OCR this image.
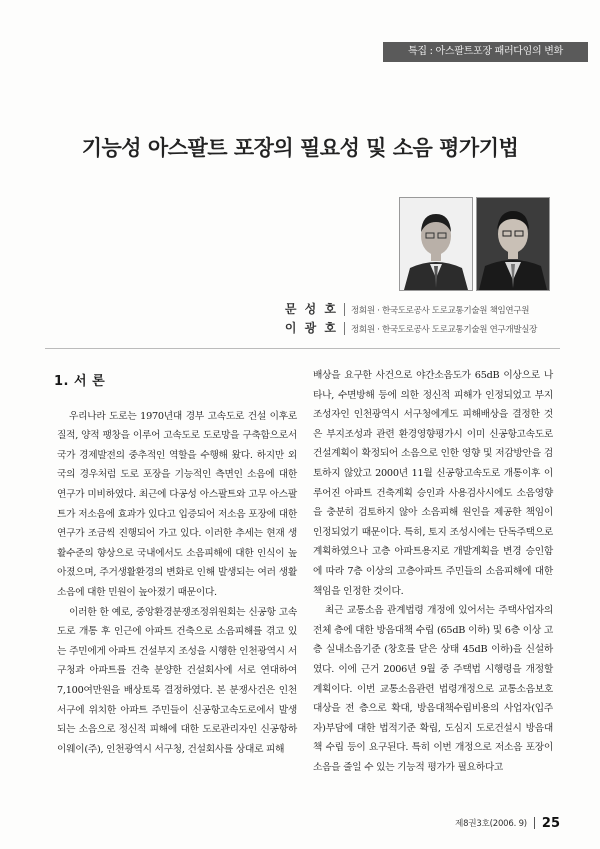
특집 : 아스팔트포장 패러다임의 변화
기능성 아스팔트 포장의 필요성 및 소음 평가기법
문 성 호	정회원 · 한국도로공사 도로교통기술원 책임연구원
이 광 호	정회원 · 한국도로공사 도로교통기술원 연구개발실장
1. 서 론

우리나라 도로는 1970년대 경부 고속도로 건설 이후로 질적, 양적 팽창을 이루어 고속도로 도로망을 구축함으로서 국가 경제발전의 중추적인 역할을 수행해 왔다. 하지만 외국의 경우처럼 도로 포장을 기능적인 측면인 소음에 대한 연구가 미비하였다. 최근에 다공성 아스팔트와 고무 아스팔트가 저소음에 효과가 있다고 입증되어 저소음 포장에 대한 연구가 조금씩 진행되어 가고 있다. 이러한 추세는 현재 생활수준의 향상으로 국내에서도 소음피해에 대한 인식이 높아졌으며, 주거생활환경의 변화로 인해 발생되는 여러 생활소음에 대한 민원이 높아졌기 때문이다.

이러한 한 예로, 중앙환경분쟁조정위원회는 신공항 고속도로 개통 후 인근에 아파트 건축으로 소음피해를 겪고 있는 주민에게 아파트 건설부지 조성을 시행한 인천광역시 서구청과 아파트를 건축 분양한 건설회사에 서로 연대하여 7,100여만원을 배상토록 결정하였다. 본 분쟁사건은 인천 서구에 위치한 아파트 주민들이 신공항고속도로에서 발생되는 소음으로 정신적 피해에 대한 도로관리자인 신공항하이웨이(주), 인천광역시 서구청, 건설회사를 상대로 피해

배상을 요구한 사건으로 야간소음도가 65dB 이상으로 나타나, 수면방해 등에 의한 정신적 피해가 인정되었고 부지 조성자인 인천광역시 서구청에게도 피해배상을 결정한 것은 부지조성과 관련 환경영향평가시 이미 신공항고속도로 건설계획이 확정되어 소음으로 인한 영향 및 저감방안을 검토하지 않았고 2000년 11월 신공항고속도로 개통이후 이루어진 아파트 건축계획 승인과 사용검사시에도 소음영향을 충분히 검토하지 않아 소음피해 원인을 제공한 책임이 인정되었기 때문이다. 특히, 토지 조성시에는 단독주택으로 계획하였으나 고층 아파트용지로 개발계획을 변경 승인함에 따라 7층 이상의 고층아파트 주민들의 소음피해에 대한 책임을 인정한 것이다.

최근 교통소음 관계법령 개정에 있어서는 주택사업자의 전체 층에 대한 방음대책 수립 (65dB 이하) 및 6층 이상 고층 실내소음기준 (창호를 닫은 상태 45dB 이하)을 신설하였다. 이에 근거 2006년 9월 중 주택법 시행령을 개정할 계획이다. 이번 교통소음관련 법령개정으로 교통소음보호대상을 전 층으로 확대, 방음대책수립비용의 사업자(입주자)부담에 대한 법적기준 확립, 도심지 도로건설시 방음대책 수립 등이 요구된다. 특히 이번 개정으로 저소음 포장이 소음을 줄일 수 있는 기능적 평가가 필요하다고

제8권3호(2006. 9) 25
